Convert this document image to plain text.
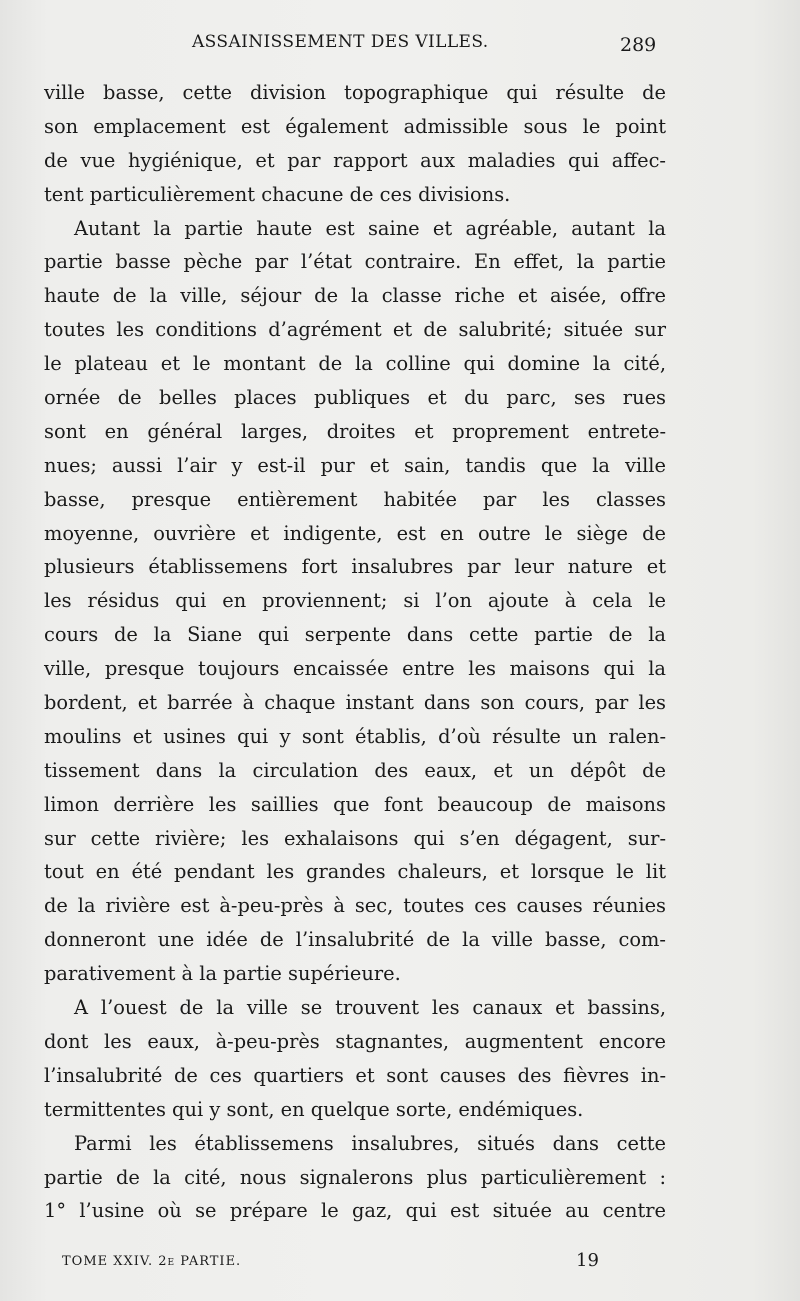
ASSAINISSEMENT DES VILLES.	289
ville basse, cette division topographique qui résulte de
son emplacement est également admissible sous le point
de vue hygiénique, et par rapport aux maladies qui affec-
tent particulièrement chacune de ces divisions.
Autant la partie haute est saine et agréable, autant la
partie basse pèche par l’état contraire. En effet, la partie
haute de la ville, séjour de la classe riche et aisée, offre
toutes les conditions d’agrément et de salubrité; située sur
le plateau et le montant de la colline qui domine la cité,
ornée de belles places publiques et du parc, ses rues
sont en général larges, droites et proprement entrete-
nues; aussi l’air y est-il pur et sain, tandis que la ville
basse, presque entièrement habitée par les classes
moyenne, ouvrière et indigente, est en outre le siège de
plusieurs établissemens fort insalubres par leur nature et
les résidus qui en proviennent; si l’on ajoute à cela le
cours de la Siane qui serpente dans cette partie de la
ville, presque toujours encaissée entre les maisons qui la
bordent, et barrée à chaque instant dans son cours, par les
moulins et usines qui y sont établis, d’où résulte un ralen-
tissement dans la circulation des eaux, et un dépôt de
limon derrière les saillies que font beaucoup de maisons
sur cette rivière; les exhalaisons qui s’en dégagent, sur-
tout en été pendant les grandes chaleurs, et lorsque le lit
de la rivière est à-peu-près à sec, toutes ces causes réunies
donneront une idée de l’insalubrité de la ville basse, com-
parativement à la partie supérieure.
A l’ouest de la ville se trouvent les canaux et bassins,
dont les eaux, à-peu-près stagnantes, augmentent encore
l’insalubrité de ces quartiers et sont causes des fièvres in-
termittentes qui y sont, en quelque sorte, endémiques.
Parmi les établissemens insalubres, situés dans cette
partie de la cité, nous signalerons plus particulièrement :
1° l’usine où se prépare le gaz, qui est située au centre
TOME XXIV. 2e PARTIE.	19
